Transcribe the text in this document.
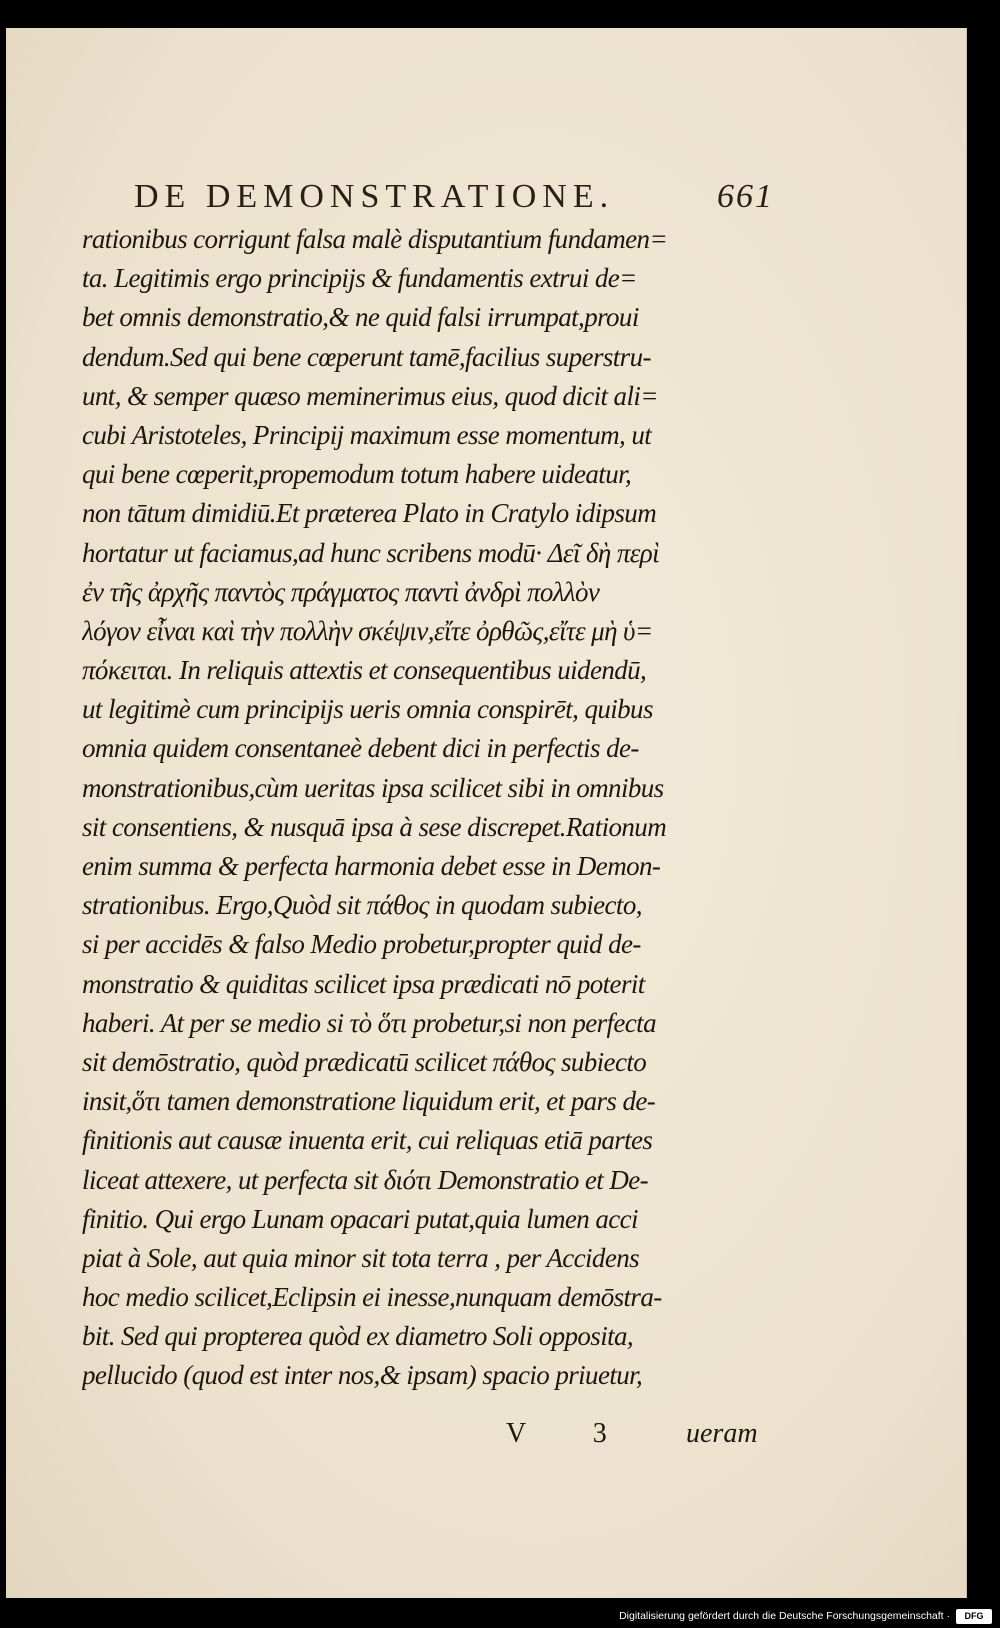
DE DEMONSTRATIONE.	661
rationibus corrigunt falsa malè disputantium fundamen=
ta. Legitimis ergo principijs & fundamentis extrui de=
bet omnis demonstratio,& ne quid falsi irrumpat,proui
dendum.Sed qui bene cœperunt tamē,facilius superstru-
unt, & semper quæso meminerimus eius, quod dicit ali=
cubi Aristoteles, Principij maximum esse momentum, ut
qui bene cœperit,propemodum totum habere uideatur,
non tātum dimidiū.Et præterea Plato in Cratylo idipsum
hortatur ut faciamus,ad hunc scribens modū· Δεῖ δὴ περὶ
ἐν τῆς ἀρχῆς παντὸς πράγματος παντὶ ἀνδρὶ πολλὸν
λόγον εἶναι καὶ τὴν πολλὴν σκέψιν,εἴτε ὀρθῶς,εἴτε μὴ ὑ=
πόκειται. In reliquis attextis et consequentibus uidendū,
ut legitimè cum principijs ueris omnia conspirēt, quibus
omnia quidem consentaneè debent dici in perfectis de-
monstrationibus,cùm ueritas ipsa scilicet sibi in omnibus
sit consentiens, & nusquā ipsa à sese discrepet.Rationum
enim summa & perfecta harmonia debet esse in Demon-
strationibus. Ergo,Quòd sit πάθος in quodam subiecto,
si per accidēs & falso Medio probetur,propter quid de-
monstratio & quiditas scilicet ipsa prædicati nō poterit
haberi. At per se medio si τὸ ὅτι probetur,si non perfecta
sit demōstratio, quòd prædicatū scilicet πάθος subiecto
insit,ὅτι tamen demonstratione liquidum erit, et pars de-
finitionis aut causæ inuenta erit, cui reliquas etiā partes
liceat attexere, ut perfecta sit διότι Demonstratio et De-
finitio. Qui ergo Lunam opacari putat,quia lumen acci
piat à Sole, aut quia minor sit tota terra , per Accidens
hoc medio scilicet,Eclipsin ei inesse,nunquam demōstra-
bit. Sed qui propterea quòd ex diametro Soli opposita,
pellucido (quod est inter nos,& ipsam) spacio priuetur,
V 3 ueram
Digitalisierung gefördert durch die Deutsche Forschungsgemeinschaft ·	DFG
